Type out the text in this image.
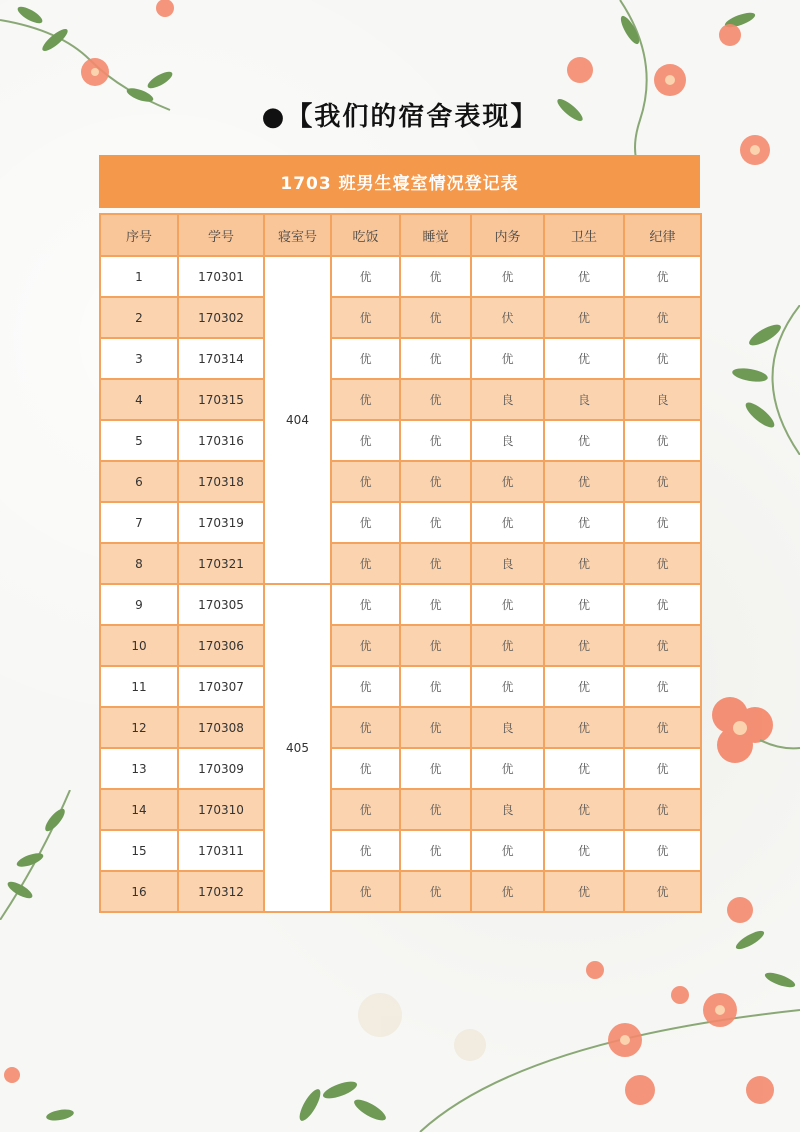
●【我们的宿舍表现】
1703 班男生寝室情况登记表
序号	学号	寝室号	吃饭	睡觉	内务	卫生	纪律
1	170301	404	优	优	优	优	优
2	170302		优	优	伏	优	优
3	170314		优	优	优	优	优
4	170315		优	优	良	良	良
5	170316		优	优	良	优	优
6	170318		优	优	优	优	优
7	170319		优	优	优	优	优
8	170321		优	优	良	优	优
9	170305	405	优	优	优	优	优
10	170306		优	优	优	优	优
11	170307		优	优	优	优	优
12	170308		优	优	良	优	优
13	170309		优	优	优	优	优
14	170310		优	优	良	优	优
15	170311		优	优	优	优	优
16	170312		优	优	优	优	优
